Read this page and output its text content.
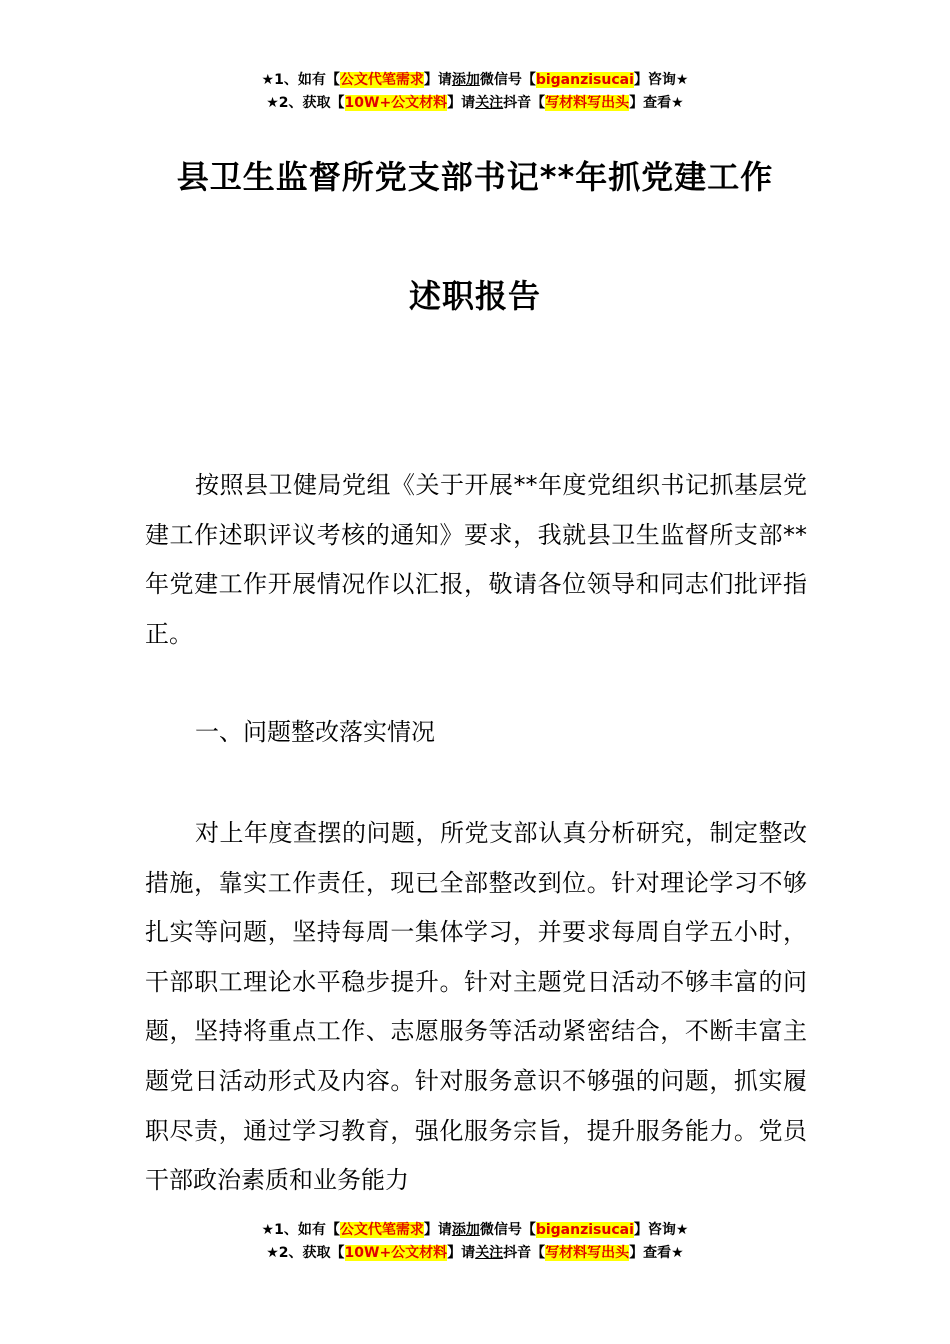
★1、如有【公文代笔需求】请添加微信号【biganzisucai】咨询★
★2、获取【10W+公文材料】请关注抖音【写材料写出头】查看★
县卫生监督所党支部书记**年抓党建工作
述职报告

按照县卫健局党组《关于开展**年度党组织书记抓基层党建工作述职评议考核的通知》要求，我就县卫生监督所支部**年党建工作开展情况作以汇报，敬请各位领导和同志们批评指正。

一、问题整改落实情况

对上年度查摆的问题，所党支部认真分析研究，制定整改措施，靠实工作责任，现已全部整改到位。针对理论学习不够扎实等问题，坚持每周一集体学习，并要求每周自学五小时，干部职工理论水平稳步提升。针对主题党日活动不够丰富的问题，坚持将重点工作、志愿服务等活动紧密结合，不断丰富主题党日活动形式及内容。针对服务意识不够强的问题，抓实履职尽责，通过学习教育，强化服务宗旨，提升服务能力。党员干部政治素质和业务能力

★1、如有【公文代笔需求】请添加微信号【biganzisucai】咨询★
★2、获取【10W+公文材料】请关注抖音【写材料写出头】查看★
